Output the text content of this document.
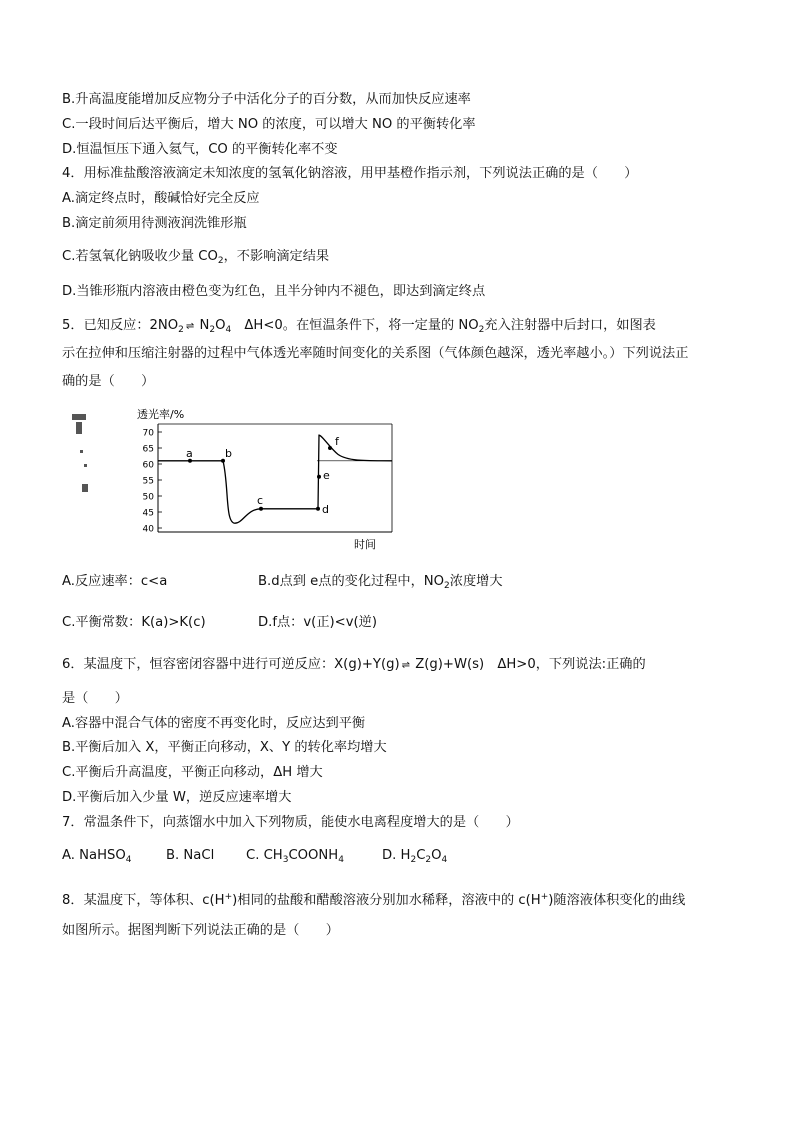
B.升高温度能增加反应物分子中活化分子的百分数，从而加快反应速率
C.一段时间后达平衡后，增大 NO 的浓度，可以增大 NO 的平衡转化率
D.恒温恒压下通入氦气，CO 的平衡转化率不变
4．用标准盐酸溶液滴定未知浓度的氢氧化钠溶液，用甲基橙作指示剂，下列说法正确的是（　　）
A.滴定终点时，酸碱恰好完全反应
B.滴定前须用待测液润洗锥形瓶
C.若氢氧化钠吸收少量 $CO_2$，不影响滴定结果
D.当锥形瓶内溶液由橙色变为红色，且半分钟内不褪色，即达到滴定终点
5．已知反应：$2NO_2$ ⇌ $N_2O_4$　 ΔH<0。在恒温条件下，将一定量的 $NO_2$充入注射器中后封口，如图表
示在拉伸和压缩注射器的过程中气体透光率随时间变化的关系图（气体颜色越深，透光率越小。）下列说法正
确的是（　　）
透光率/%
70
65
60
55
50
45
40
时间
a	b
c
d
e
f
A.反应速率：c<a	B.d点到 e点的变化过程中，$NO_2$浓度增大
C.平衡常数：K(a)>K(c)	D.f点：v(正)<v(逆)
6．某温度下，恒容密闭容器中进行可逆反应：X(g)+Y(g) ⇌ Z(g)+W(s)　ΔH>0，下列说法:正确的
是（　　）
A.容器中混合气体的密度不再变化时，反应达到平衡
B.平衡后加入 X，平衡正向移动，X、Y 的转化率均增大
C.平衡后升高温度，平衡正向移动，ΔH 增大
D.平衡后加入少量 W，逆反应速率增大
7．常温条件下，向蒸馏水中加入下列物质，能使水电离程度增大的是（　　）
A. NaHSO$_4$	B. NaCl C. $CH_3COONH_4$	D. $H_2C_2O_4$
8．某温度下，等体积、c(H+)相同的盐酸和醋酸溶液分别加水稀释，溶液中的 c(H+)随溶液体积变化的曲线
如图所示。据图判断下列说法正确的是（　　）
